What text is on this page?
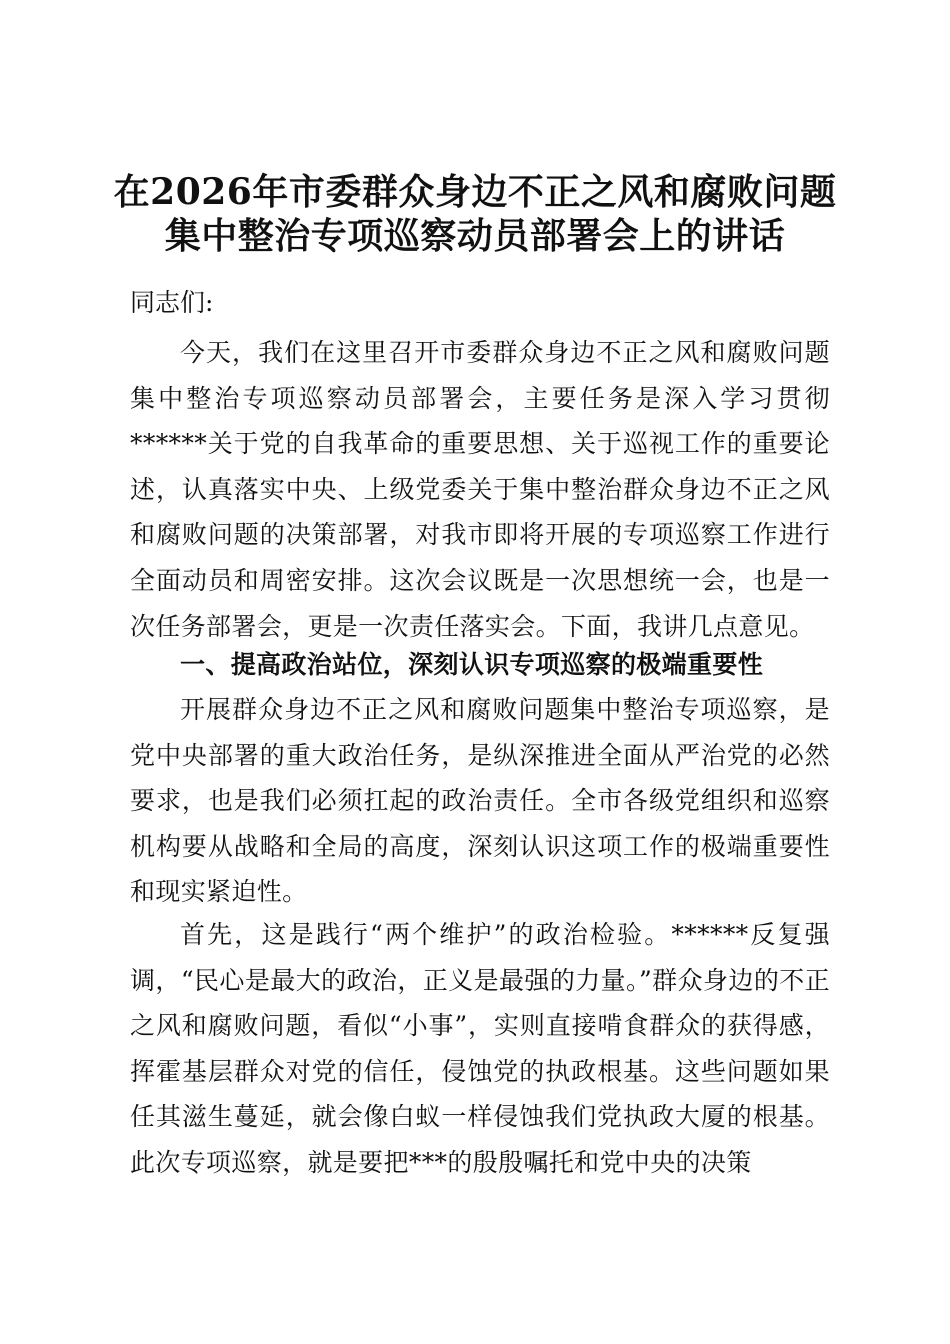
在2026年市委群众身边不正之风和腐败问题
集中整治专项巡察动员部署会上的讲话
同志们:
今天，我们在这里召开市委群众身边不正之风和腐败问题集中整治专项巡察动员部署会，主要任务是深入学习贯彻******关于党的自我革命的重要思想、关于巡视工作的重要论述，认真落实中央、上级党委关于集中整治群众身边不正之风和腐败问题的决策部署，对我市即将开展的专项巡察工作进行全面动员和周密安排。这次会议既是一次思想统一会，也是一次任务部署会，更是一次责任落实会。下面，我讲几点意见。
一、提高政治站位，深刻认识专项巡察的极端重要性
开展群众身边不正之风和腐败问题集中整治专项巡察，是党中央部署的重大政治任务，是纵深推进全面从严治党的必然要求，也是我们必须扛起的政治责任。全市各级党组织和巡察机构要从战略和全局的高度，深刻认识这项工作的极端重要性和现实紧迫性。
首先，这是践行“两个维护”的政治检验。******反复强调，“民心是最大的政治，正义是最强的力量。”群众身边的不正之风和腐败问题，看似“小事”，实则直接啃食群众的获得感，挥霍基层群众对党的信任，侵蚀党的执政根基。这些问题如果任其滋生蔓延，就会像白蚁一样侵蚀我们党执政大厦的根基。此次专项巡察，就是要把***的殷殷嘱托和党中央的决策
